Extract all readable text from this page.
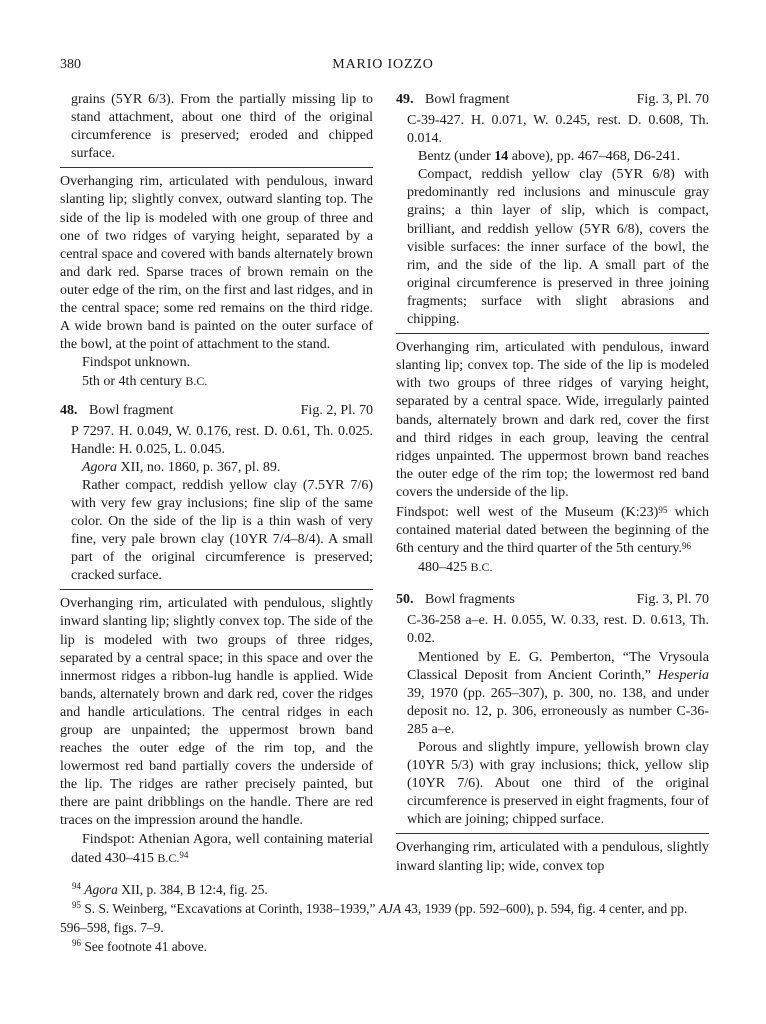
380	MARIO IOZZO

grains (5YR 6/3). From the partially missing lip to stand attachment, about one third of the original circumference is preserved; eroded and chipped surface.

Overhanging rim, articulated with pendulous, inward slanting lip; slightly convex, outward slanting top. The side of the lip is modeled with one group of three and one of two ridges of varying height, separated by a central space and covered with bands alternately brown and dark red. Sparse traces of brown remain on the outer edge of the rim, on the first and last ridges, and in the central space; some red remains on the third ridge. A wide brown band is painted on the outer surface of the bowl, at the point of attachment to the stand.

Findspot unknown.

5th or 4th century B.C.

48. Bowl fragment	Fig. 2, Pl. 70

P 7297. H. 0.049, W. 0.176, rest. D. 0.61, Th. 0.025. Handle: H. 0.025, L. 0.045.

Agora XII, no. 1860, p. 367, pl. 89.

Rather compact, reddish yellow clay (7.5YR 7/6) with very few gray inclusions; fine slip of the same color. On the side of the lip is a thin wash of very fine, very pale brown clay (10YR 7/4–8/4). A small part of the original circumference is preserved; cracked surface.

Overhanging rim, articulated with pendulous, slightly inward slanting lip; slightly convex top. The side of the lip is modeled with two groups of three ridges, separated by a central space; in this space and over the innermost ridges a ribbon-lug handle is applied. Wide bands, alternately brown and dark red, cover the ridges and handle articulations. The central ridges in each group are unpainted; the uppermost brown band reaches the outer edge of the rim top, and the lowermost red band partially covers the underside of the lip. The ridges are rather precisely painted, but there are paint dribblings on the handle. There are red traces on the impression around the handle.

Findspot: Athenian Agora, well containing material dated 430–415 B.C.$^{94}$

49. Bowl fragment	Fig. 3, Pl. 70

C-39-427. H. 0.071, W. 0.245, rest. D. 0.608, Th. 0.014.

Bentz (under 14 above), pp. 467–468, D6-241.

Compact, reddish yellow clay (5YR 6/8) with predominantly red inclusions and minuscule gray grains; a thin layer of slip, which is compact, brilliant, and reddish yellow (5YR 6/8), covers the visible surfaces: the inner surface of the bowl, the rim, and the side of the lip. A small part of the original circumference is preserved in three joining fragments; surface with slight abrasions and chipping.

Overhanging rim, articulated with pendulous, inward slanting lip; convex top. The side of the lip is modeled with two groups of three ridges of varying height, separated by a central space. Wide, irregularly painted bands, alternately brown and dark red, cover the first and third ridges in each group, leaving the central ridges unpainted. The uppermost brown band reaches the outer edge of the rim top; the lowermost red band covers the underside of the lip.

Findspot: well west of the Museum (K:23)$^{95}$ which contained material dated between the beginning of the 6th century and the third quarter of the 5th century.$^{96}$

480–425 B.C.

50. Bowl fragments	Fig. 3, Pl. 70

C-36-258 a–e. H. 0.055, W. 0.33, rest. D. 0.613, Th. 0.02.

Mentioned by E. G. Pemberton, “The Vrysoula Classical Deposit from Ancient Corinth,” Hesperia 39, 1970 (pp. 265–307), p. 300, no. 138, and under deposit no. 12, p. 306, erroneously as number C-36-285 a–e.

Porous and slightly impure, yellowish brown clay (10YR 5/3) with gray inclusions; thick, yellow slip (10YR 7/6). About one third of the original circumference is preserved in eight fragments, four of which are joining; chipped surface.

Overhanging rim, articulated with a pendulous, slightly inward slanting lip; wide, convex top

$^{94}$ Agora XII, p. 384, B 12:4, fig. 25.

$^{95}$ S. S. Weinberg, “Excavations at Corinth, 1938–1939,” AJA 43, 1939 (pp. 592–600), p. 594, fig. 4 center, and pp. 596–598, figs. 7–9.

$^{96}$ See footnote 41 above.
